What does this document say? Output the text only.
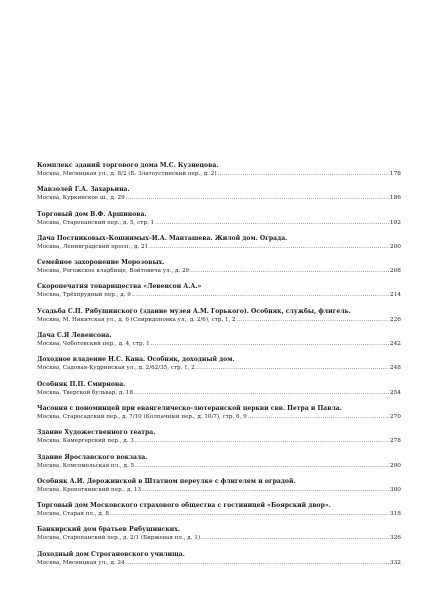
Комплекс зданий торгового дома М.С. Кузнецова.
Москва, Мясницкая ул., д. 8/2 (Б. Златоустинский пер., д. 2) .....	178
Мавзолей Г.А. Захарьина.
Москва, Куркинское ш., д. 29 .....	186
Торговый дом В.Ф. Аршинова.
Москва, Старопанский пер., д. 5, стр. 1 .....	192
Дача Постниковых–Кошинмых–И.А. Манташева. Жилой дом. Ограда.
Москва, Ленинградский просп., д. 21 .....	200
Семейное захоронение Морозовых.
Москва, Рогожское кладбище, Войтовича ул., д. 29 .....	208
Скоропечатня товарищества «Левенсон А.А.»
Москва, Трёхпрудный пер., д. 9 .....	214
Усадьба С.П. Рябушинского (здание музея А.М. Горького). Особняк, службы, флигель.
Москва, М. Никитская ул., д. 6 (Спиридоновка ул., д. 2/6), стр. 1, 2 .....	226
Дача С.Я Левенсона.
Москва, Чоботовский пер., д. 4, стр. 1 .....	242
Доходное владение Н.С. Кана. Особняк, доходный дом.
Москва, Садовая-Кудринская ул., д. 2/62/35, стр. 1, 2 .....	248
Особняк П.П. Смирнова.
Москва, Тверской бульвар, д. 18 .....	254
Часовня с пономинцей при евангелическо-лютеранской церкви свв. Петра и Павла.
Москва, Старосадский пер., д. 7/10 (Колпачный пер., д. 10/7), стр. 6, 9 .....	270
Здание Художественного театра.
Москва, Камергерский пер., д. 3 .....	278
Здание Ярославского вокзала.
Москва, Комсомольская пл., д. 5 .....	290
Особняк А.И. Дерожинской в Штатном переулке с флигелем и оградой.
Москва, Кропоткинский пер., д. 13 .....	300
Торговый дом Московского страхового общества с гостиницей «Боярский двор».
Москва, Старая пл., д. 8 .....	318
Банкирский дом братьев Рябушинских.
Москва, Старопанский пер., д. 2/1 (Биржевая пл., д. 1) .....	326
Доходный дом Строгановского училища.
Москва, Мясницкая ул., д. 24 .....	332
